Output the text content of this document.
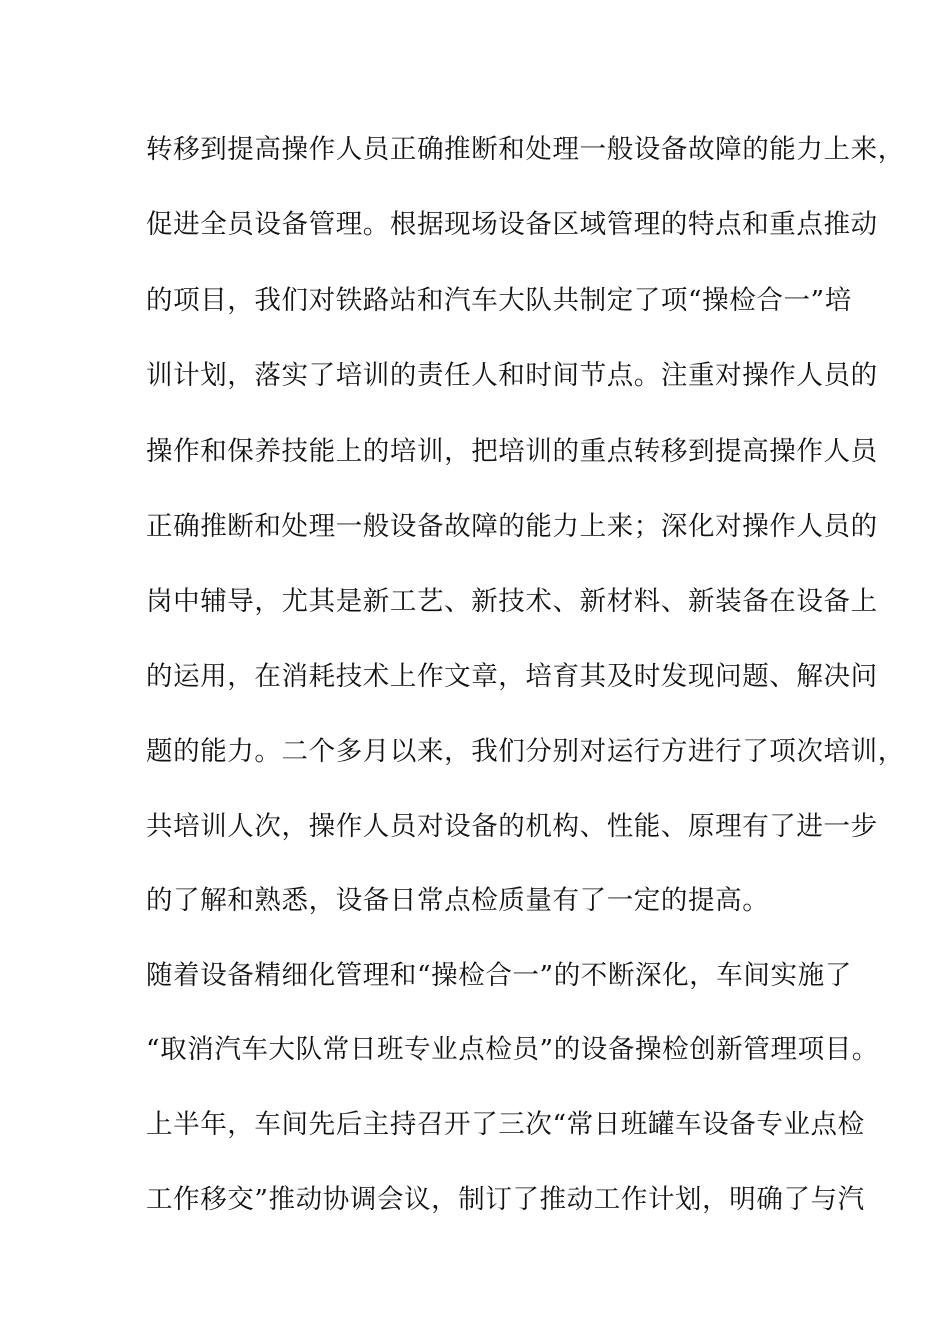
转移到提高操作人员正确推断和处理一般设备故障的能力上来，
促进全员设备管理。根据现场设备区域管理的特点和重点推动
的项目，我们对铁路站和汽车大队共制定了项“操检合一”培
训计划，落实了培训的责任人和时间节点。注重对操作人员的
操作和保养技能上的培训，把培训的重点转移到提高操作人员
正确推断和处理一般设备故障的能力上来；深化对操作人员的
岗中辅导，尤其是新工艺、新技术、新材料、新装备在设备上
的运用，在消耗技术上作文章，培育其及时发现问题、解决问
题的能力。二个多月以来，我们分别对运行方进行了项次培训，
共培训人次，操作人员对设备的机构、性能、原理有了进一步
的了解和熟悉，设备日常点检质量有了一定的提高。
随着设备精细化管理和“操检合一”的不断深化，车间实施了
“取消汽车大队常日班专业点检员”的设备操检创新管理项目。
上半年，车间先后主持召开了三次“常日班罐车设备专业点检
工作移交”推动协调会议，制订了推动工作计划，明确了与汽
